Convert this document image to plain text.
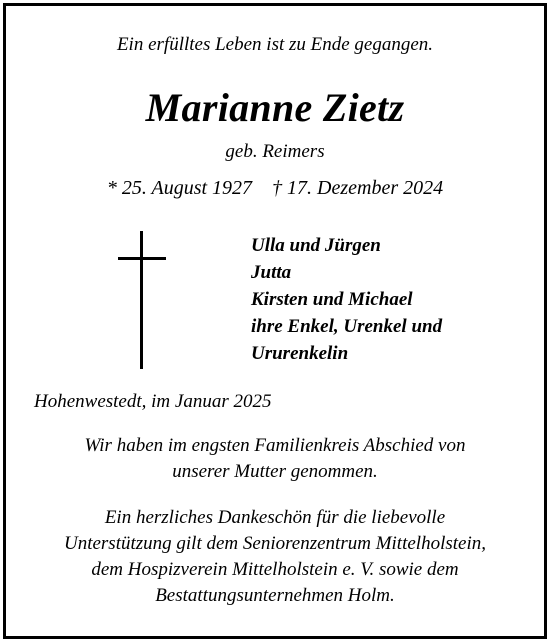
Ein erfülltes Leben ist zu Ende gegangen.
Marianne Zietz
geb. Reimers
* 25. August 1927 † 17. Dezember 2024
Ulla und Jürgen
Jutta
Kirsten und Michael
ihre Enkel, Urenkel und
Ururenkelin
Hohenwestedt, im Januar 2025
Wir haben im engsten Familienkreis Abschied von
unserer Mutter genommen.
Ein herzliches Dankeschön für die liebevolle
Unterstützung gilt dem Seniorenzentrum Mittelholstein,
dem Hospizverein Mittelholstein e. V. sowie dem
Bestattungsunternehmen Holm.
